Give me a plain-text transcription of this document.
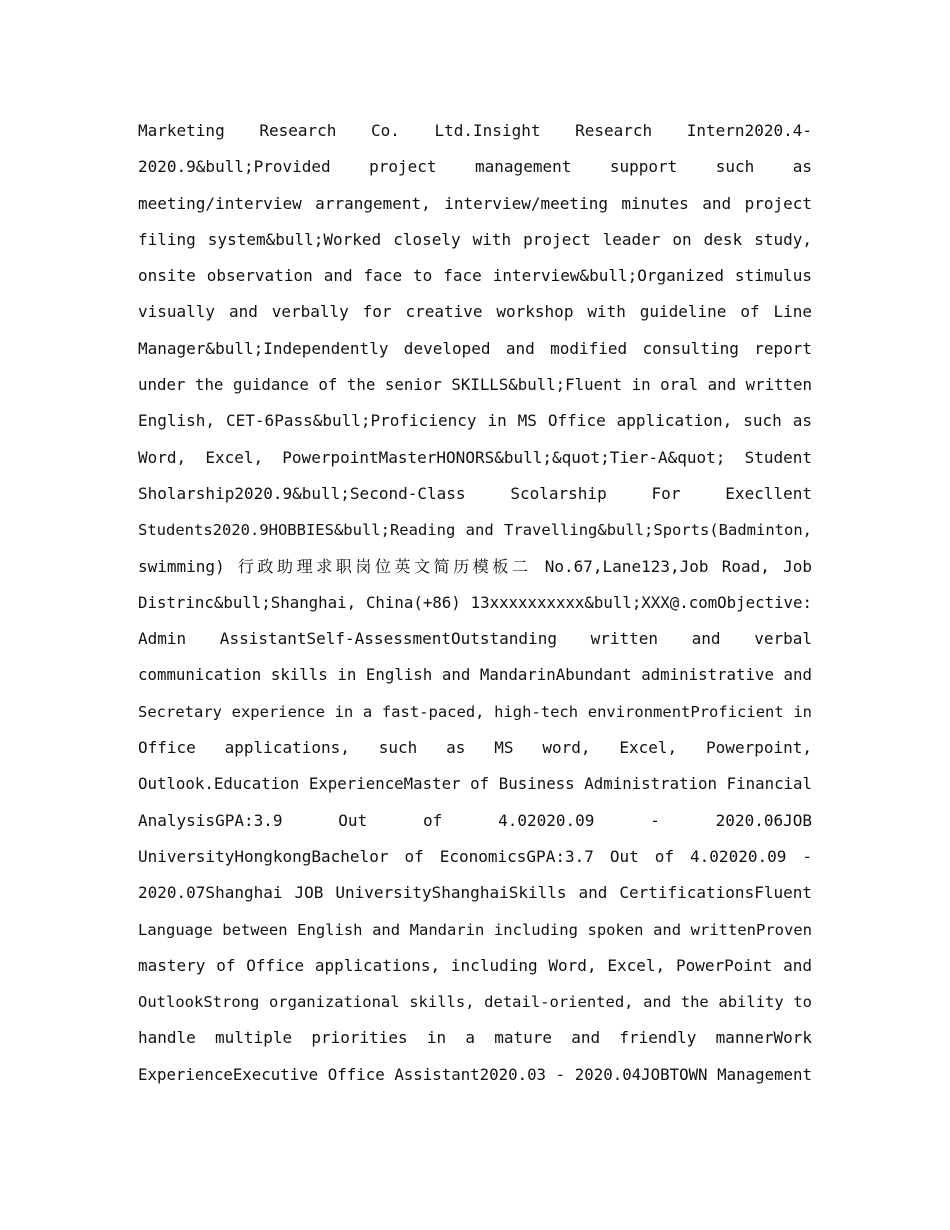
Marketing Research Co. Ltd.Insight Research Intern2020.4-
2020.9&bull;Provided project management support such as
meeting/interview arrangement, interview/meeting minutes and project
filing system&bull;Worked closely with project leader on desk study,
onsite observation and face to face interview&bull;Organized stimulus
visually and verbally for creative workshop with guideline of Line
Manager&bull;Independently developed and modified consulting report
under the guidance of the senior SKILLS&bull;Fluent in oral and written
English, CET-6Pass&bull;Proficiency in MS Office application, such as
Word, Excel, PowerpointMasterHONORS&bull;&quot;Tier-A&quot; Student
Sholarship2020.9&bull;Second-Class Scolarship For Execllent
Students2020.9HOBBIES&bull;Reading and Travelling&bull;Sports(Badminton,
swimming) 行政助理求职岗位英文简历模板二 No.67,Lane123,Job Road, Job
Distrinc&bull;Shanghai, China(+86) 13xxxxxxxxxx&bull;XXX@.comObjective:
Admin AssistantSelf-AssessmentOutstanding written and verbal
communication skills in English and MandarinAbundant administrative and
Secretary experience in a fast-paced, high-tech environmentProficient in
Office applications, such as MS word, Excel, Powerpoint,
Outlook.Education ExperienceMaster of Business Administration Financial
AnalysisGPA:3.9 Out of 4.02020.09 - 2020.06JOB
UniversityHongkongBachelor of EconomicsGPA:3.7 Out of 4.02020.09 -
2020.07Shanghai JOB UniversityShanghaiSkills and CertificationsFluent
Language between English and Mandarin including spoken and writtenProven
mastery of Office applications, including Word, Excel, PowerPoint and
OutlookStrong organizational skills, detail-oriented, and the ability to
handle multiple priorities in a mature and friendly mannerWork
ExperienceExecutive Office Assistant2020.03 - 2020.04JOBTOWN Management
